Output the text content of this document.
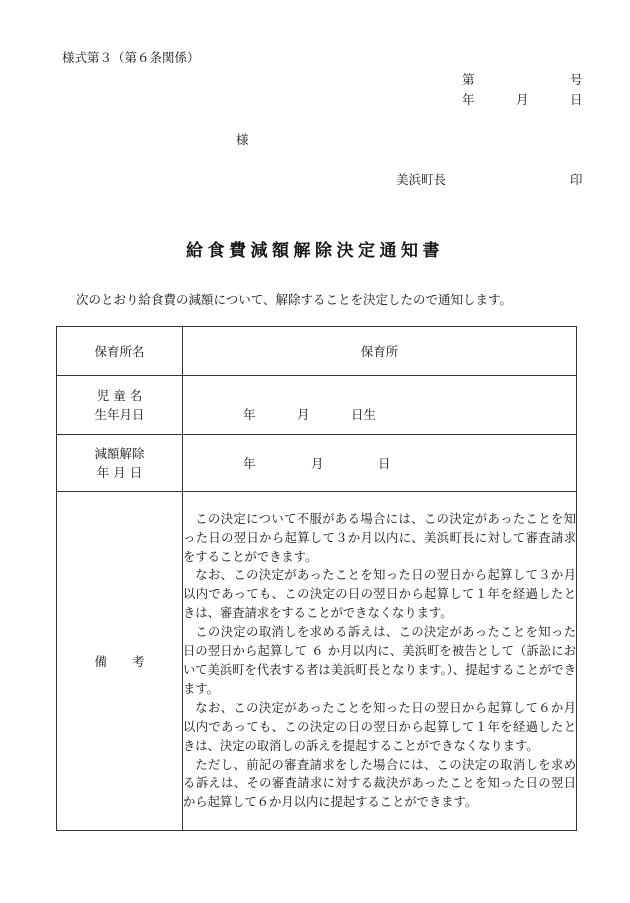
様式第３（第６条関係）
第	号
年	月	日
様
美浜町長	印
給食費減額解除決定通知書
次のとおり給食費の減額について、解除することを決定したので通知します。
保育所名	保育所

児 童 名
生年月日	年 月 日生

減額解除
年 月 日	年 月 日

備　　考	この決定について不服がある場合には、この決定があったことを知った日の翌日から起算して３か月以内に、美浜町長に対して審査請求をすることができます。

なお、この決定があったことを知った日の翌日から起算して３か月以内であっても、この決定の日の翌日から起算して１年を経過したときは、審査請求をすることができなくなります。

この決定の取消しを求める訴えは、この決定があったことを知った日の翌日から起算して ６ か月以内に、美浜町を被告として（訴訟において美浜町を代表する者は美浜町長となります。）、提起することができます。

なお、この決定があったことを知った日の翌日から起算して６か月以内であっても、この決定の日の翌日から起算して１年を経過したときは、決定の取消しの訴えを提起することができなくなります。

ただし、前記の審査請求をした場合には、この決定の取消しを求める訴えは、その審査請求に対する裁決があったことを知った日の翌日から起算して６か月以内に提起することができます。
